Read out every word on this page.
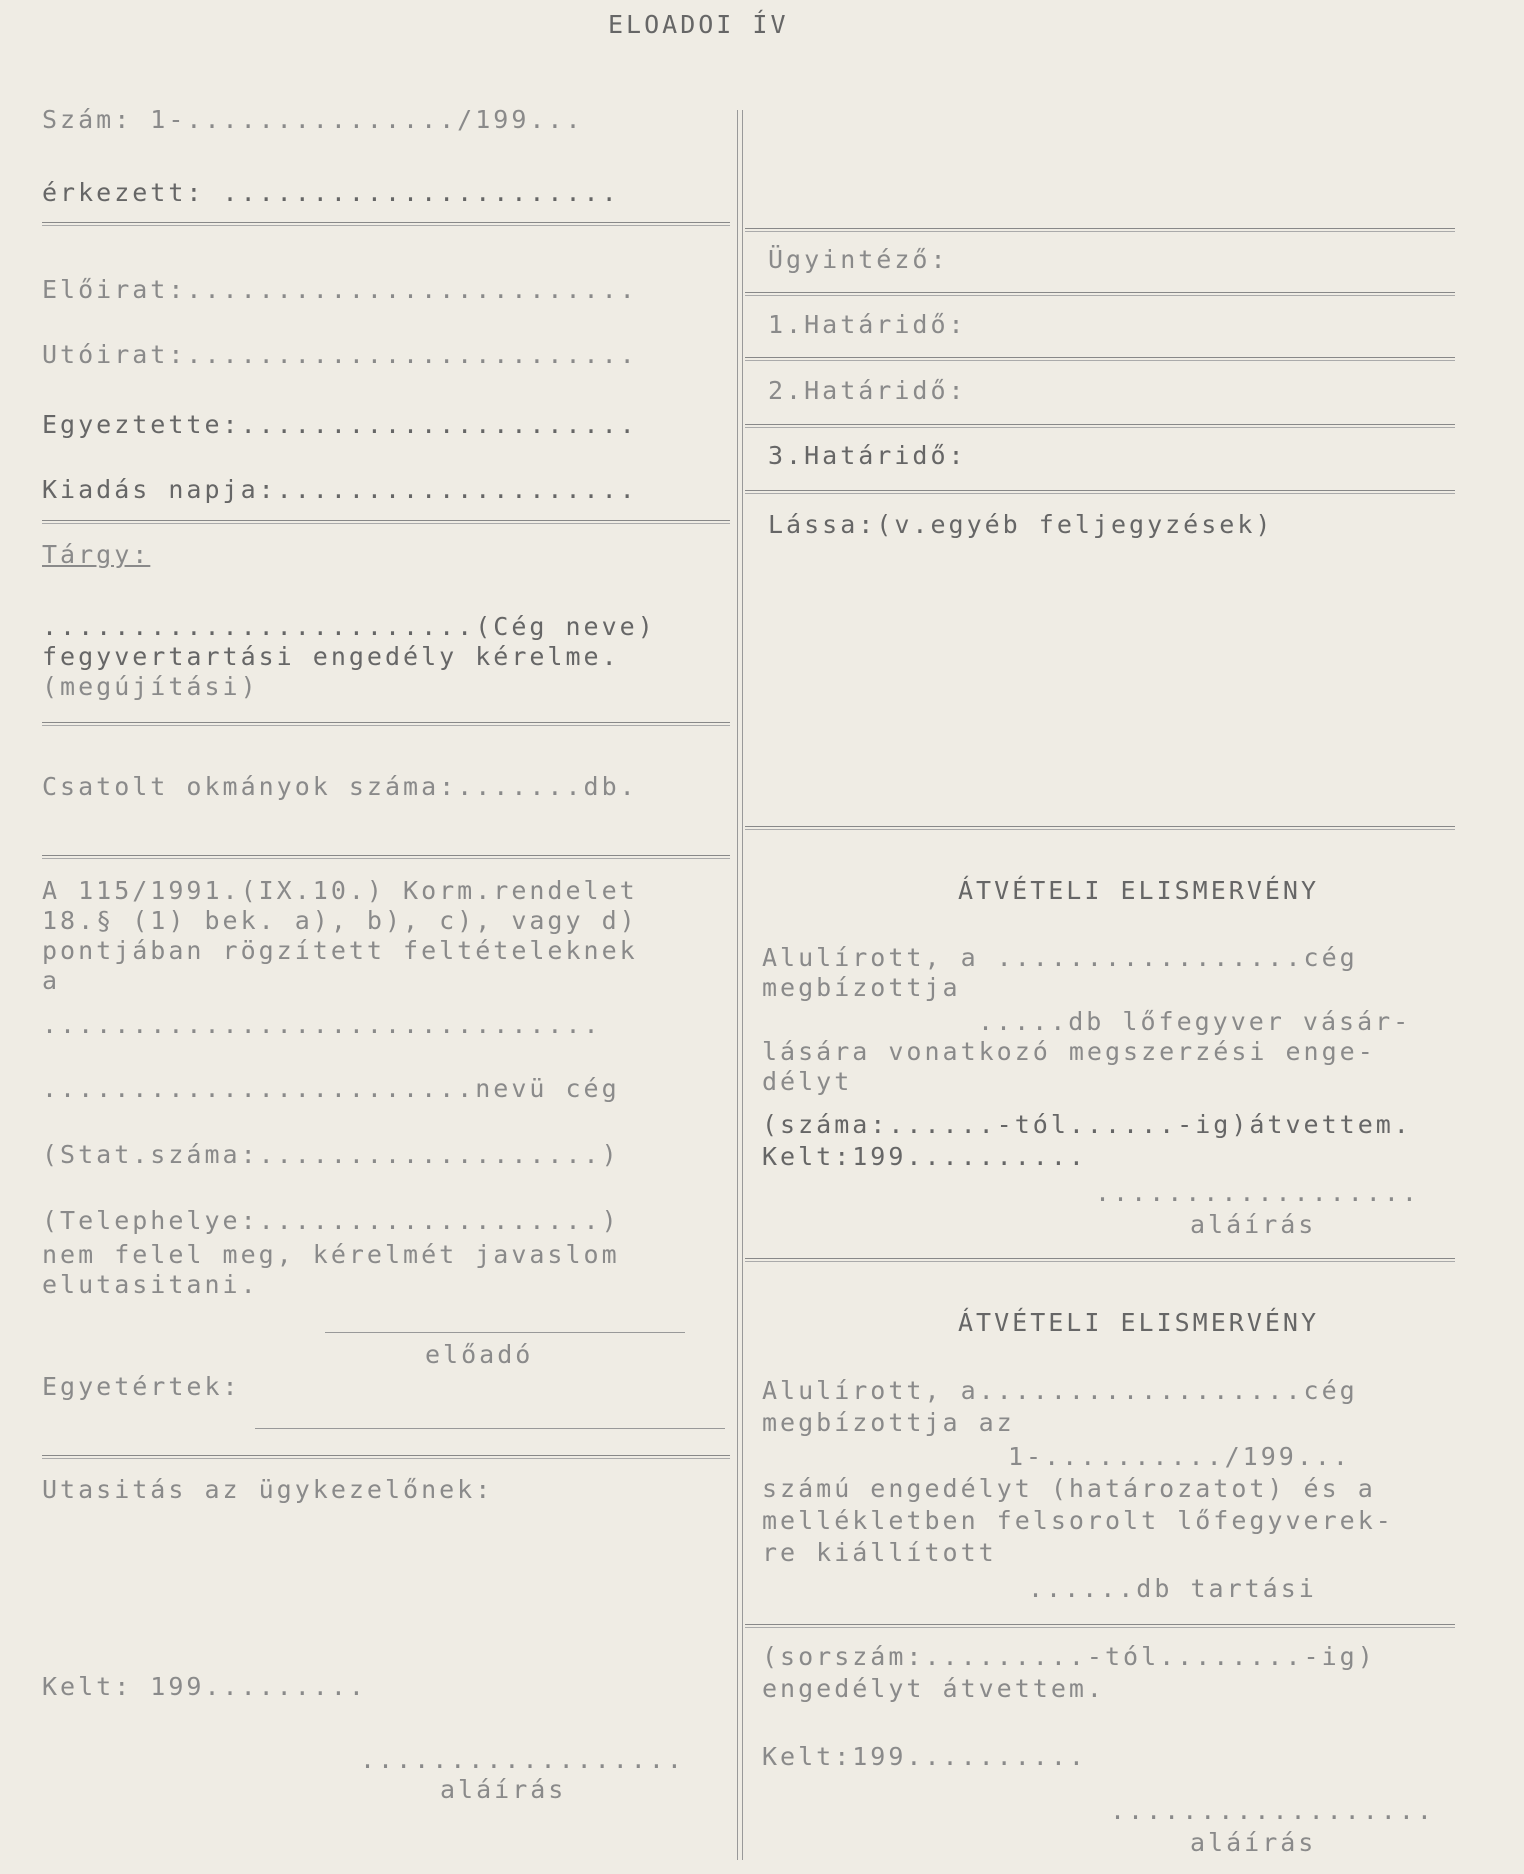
ELOADOI ÍV
Szám: 1-.............../199...
érkezett: ......................
Előirat:.........................
Utóirat:.........................
Egyeztette:......................
Kiadás napja:....................
Tárgy:
........................(Cég neve)
fegyvertartási engedély kérelme.
(megújítási)
Csatolt okmányok száma:.......db.
A 115/1991.(IX.10.) Korm.rendelet
18.§ (1) bek. a), b), c), vagy d)
pontjában rögzített feltételeknek
a
...............................
........................nevü cég
(Stat.száma:...................)
(Telephelye:...................)
nem felel meg, kérelmét javaslom
elutasitani.
előadó
Egyetértek:
Utasitás az ügykezelőnek:
Kelt: 199.........
..................
aláírás
Ügyintéző:
1.Határidő:
2.Határidő:
3.Határidő:
Lássa:(v.egyéb feljegyzések)
ÁTVÉTELI ELISMERVÉNY
Alulírott, a .................cég
megbízottja
.....db lőfegyver vásár-
lására vonatkozó megszerzési enge-
délyt
(száma:......-tól......-ig)átvettem.
Kelt:199..........
..................
aláírás
ÁTVÉTELI ELISMERVÉNY
Alulírott, a..................cég
megbízottja az
1-........../199...
számú engedélyt (határozatot) és a
mellékletben felsorolt lőfegyverek-
re kiállított
......db tartási
(sorszám:.........-tól........-ig)
engedélyt átvettem.
Kelt:199..........
..................
aláírás
